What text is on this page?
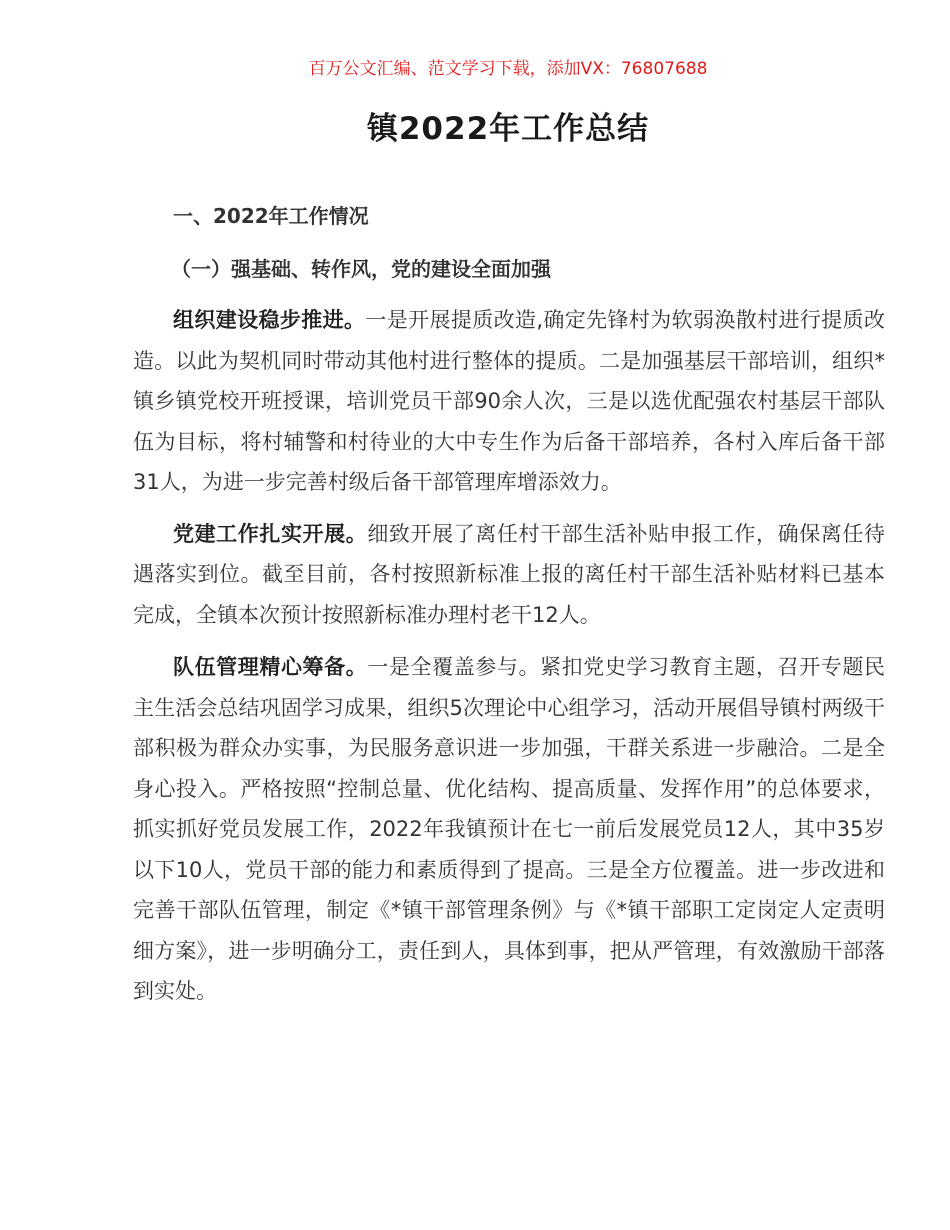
百万公文汇编、范文学习下载，添加VX：76807688
镇2022年工作总结
一、2022年工作情况
（一）强基础、转作风，党的建设全面加强

组织建设稳步推进。一是开展提质改造,确定先锋村为软弱涣散村进行提质改造。以此为契机同时带动其他村进行整体的提质。二是加强基层干部培训，组织*镇乡镇党校开班授课，培训党员干部90余人次，三是以选优配强农村基层干部队伍为目标，将村辅警和村待业的大中专生作为后备干部培养，各村入库后备干部31人，为进一步完善村级后备干部管理库增添效力。

党建工作扎实开展。细致开展了离任村干部生活补贴申报工作，确保离任待遇落实到位。截至目前，各村按照新标准上报的离任村干部生活补贴材料已基本完成，全镇本次预计按照新标准办理村老干12人。

队伍管理精心筹备。一是全覆盖参与。紧扣党史学习教育主题，召开专题民主生活会总结巩固学习成果，组织5次理论中心组学习，活动开展倡导镇村两级干部积极为群众办实事，为民服务意识进一步加强，干群关系进一步融洽。二是全身心投入。严格按照“控制总量、优化结构、提高质量、发挥作用”的总体要求，抓实抓好党员发展工作，2022年我镇预计在七一前后发展党员12人，其中35岁以下10人，党员干部的能力和素质得到了提高。三是全方位覆盖。进一步改进和完善干部队伍管理，制定《*镇干部管理条例》与《*镇干部职工定岗定人定责明细方案》，进一步明确分工，责任到人，具体到事，把从严管理，有效激励干部落到实处。
